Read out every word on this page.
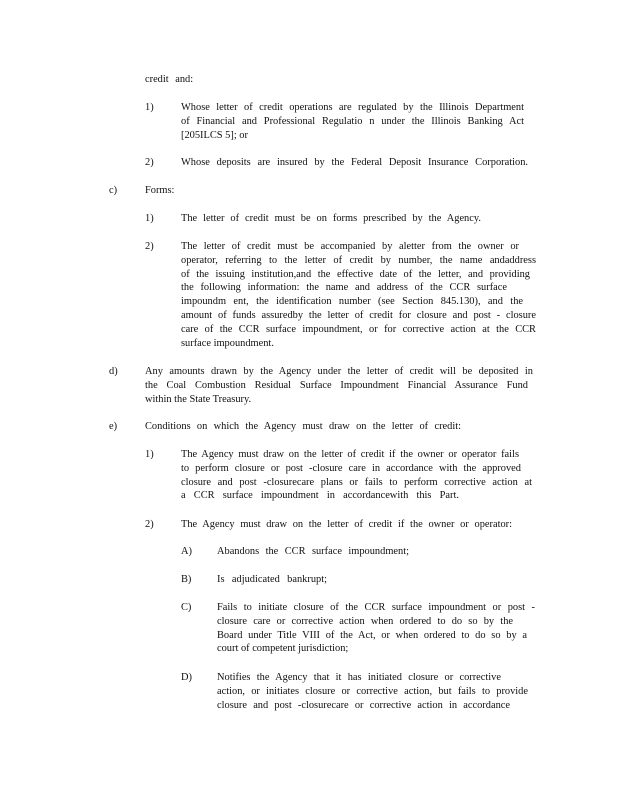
credit and:
1)	Whose letter of credit operations are regulated by the Illinois Department
of Financial and Professional Regulatio n under the Illinois Banking Act
[205ILCS 5]; or
2)	Whose deposits are insured by the Federal Deposit Insurance Corporation.
c)	Forms:
1)	The letter of credit must be on forms prescribed by the Agency.
2)	The letter of credit must be accompanied by aletter from the owner or
operator, referring to the letter of credit by number, the name andaddress
of the issuing institution,and the effective date of the letter, and providing
the following information: the name and address of the CCR surface
impoundm ent, the identification number (see Section 845.130), and the
amount of funds assuredby the letter of credit for closure and post - closure
care of the CCR surface impoundment, or for corrective action at the CCR
surface impoundment.
d)	Any amounts drawn by the Agency under the letter of credit will be deposited in
the Coal Combustion Residual Surface Impoundment Financial Assurance Fund
within the State Treasury.
e)	Conditions on which the Agency must draw on the letter of credit:
1)	The Agency must draw on the letter of credit if the owner or operator fails
to perform closure or post -closure care in accordance with the approved
closure and post -closurecare plans or fails to perform corrective action at
a CCR surface impoundment in accordancewith this Part.
2)	The Agency must draw on the letter of credit if the owner or operator:
A) Abandons the CCR surface impoundment;
B) Is adjudicated bankrupt;
C) Fails to initiate closure of the CCR surface impoundment or post -
closure care or corrective action when ordered to do so by the
Board under Title VIII of the Act, or when ordered to do so by a
court of competent jurisdiction;
D) Notifies the Agency that it has initiated closure or corrective
action, or initiates closure or corrective action, but fails to provide
closure and post -closurecare or corrective action in accordance
